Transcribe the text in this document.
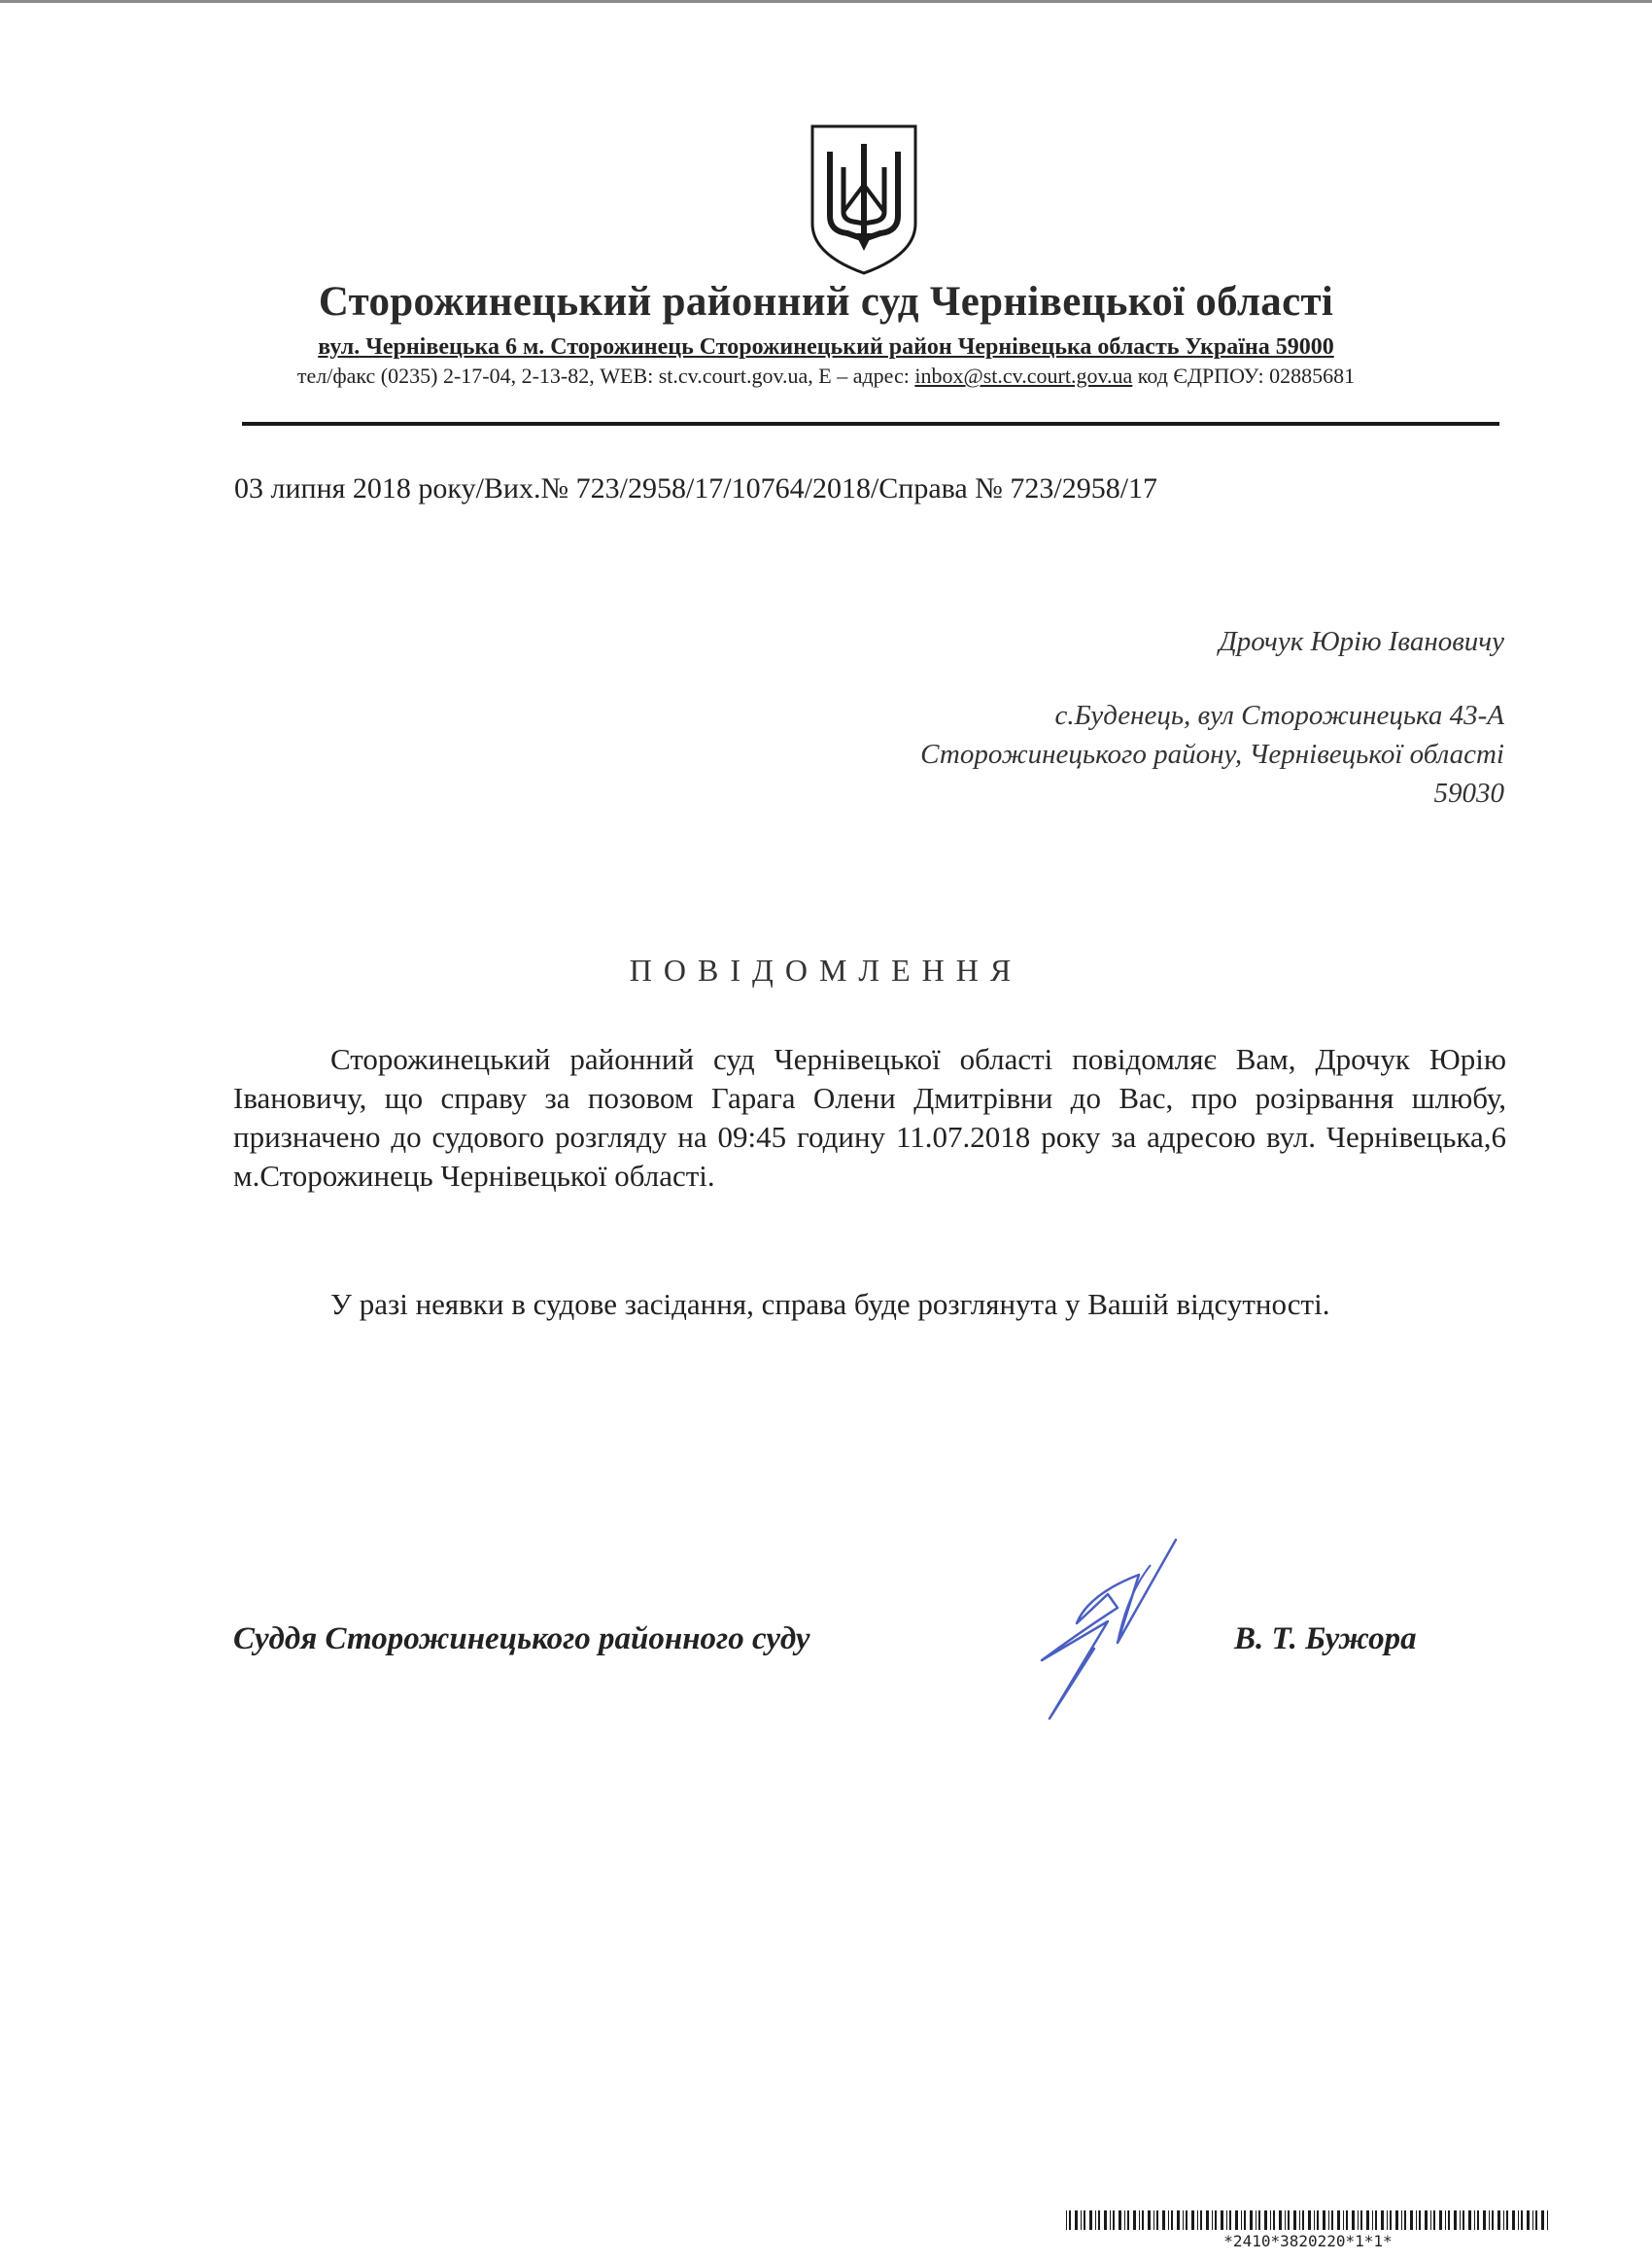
Сторожинецький районний суд Чернівецької області
вул. Чернівецька 6 м. Сторожинець Сторожинецький район Чернівецька область Україна 59000
тел/факс (0235) 2-17-04, 2-13-82, WEB: st.cv.court.gov.ua, E – адрес: inbox@st.cv.court.gov.ua код ЄДРПОУ: 02885681
03 липня 2018 року/Вих.№ 723/2958/17/10764/2018/Справа № 723/2958/17
Дрочук Юрію Івановичу
с.Буденець, вул Сторожинецька 43-А
Сторожинецького району, Чернівецької області
59030
ПОВІДОМЛЕННЯ
Сторожинецький районний суд Чернівецької області повідомляє Вам, Дрочук Юрію Івановичу, що справу за позовом Гарага Олени Дмитрівни до Вас, про розірвання шлюбу, призначено до судового розгляду на 09:45 годину 11.07.2018 року за адресою вул. Чернівецька,6 м.Сторожинець Чернівецької області.
У разі неявки в судове засідання, справа буде розглянута у Вашій відсутності.
Суддя Сторожинецького районного суду	В. Т. Бужора
*2410*3820220*1*1*
